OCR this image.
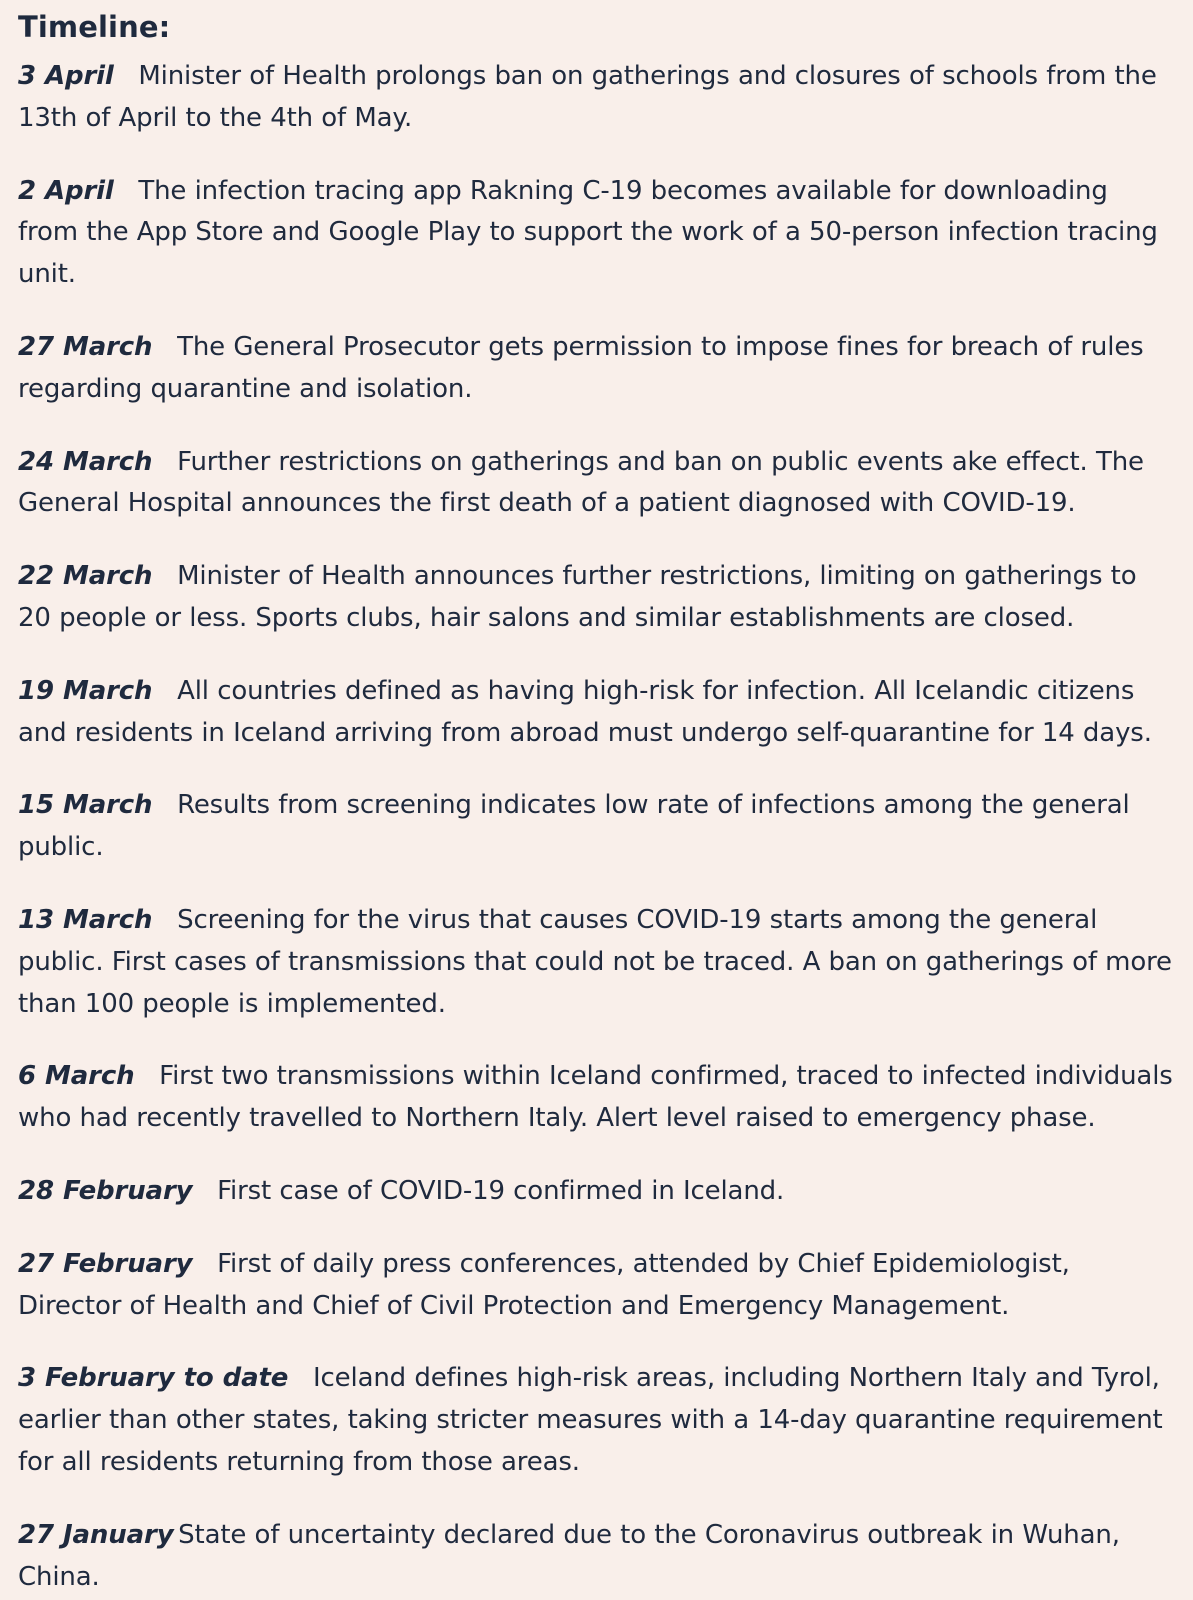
Timeline:
3 April Minister of Health prolongs ban on gatherings and closures of schools from the 13th of April to the 4th of May.
2 April The infection tracing app Rakning C-19 becomes available for downloading from the App Store and Google Play to support the work of a 50-person infection tracing unit.
27 March The General Prosecutor gets permission to impose fines for breach of rules regarding quarantine and isolation.
24 March Further restrictions on gatherings and ban on public events ake effect. The General Hospital announces the first death of a patient diagnosed with COVID-19.
22 March Minister of Health announces further restrictions, limiting on gatherings to 20 people or less. Sports clubs, hair salons and similar establishments are closed.
19 March All countries defined as having high-risk for infection. All Icelandic citizens and residents in Iceland arriving from abroad must undergo self-quarantine for 14 days.
15 March Results from screening indicates low rate of infections among the general public.
13 March Screening for the virus that causes COVID-19 starts among the general public. First cases of transmissions that could not be traced. A ban on gatherings of more than 100 people is implemented.
6 March First two transmissions within Iceland confirmed, traced to infected individuals who had recently travelled to Northern Italy. Alert level raised to emergency phase.
28 February First case of COVID-19 confirmed in Iceland.
27 February First of daily press conferences, attended by Chief Epidemiologist, Director of Health and Chief of Civil Protection and Emergency Management.
3 February to date Iceland defines high-risk areas, including Northern Italy and Tyrol, earlier than other states, taking stricter measures with a 14-day quarantine requirement for all residents returning from those areas.
27 January State of uncertainty declared due to the Coronavirus outbreak in Wuhan, China.
